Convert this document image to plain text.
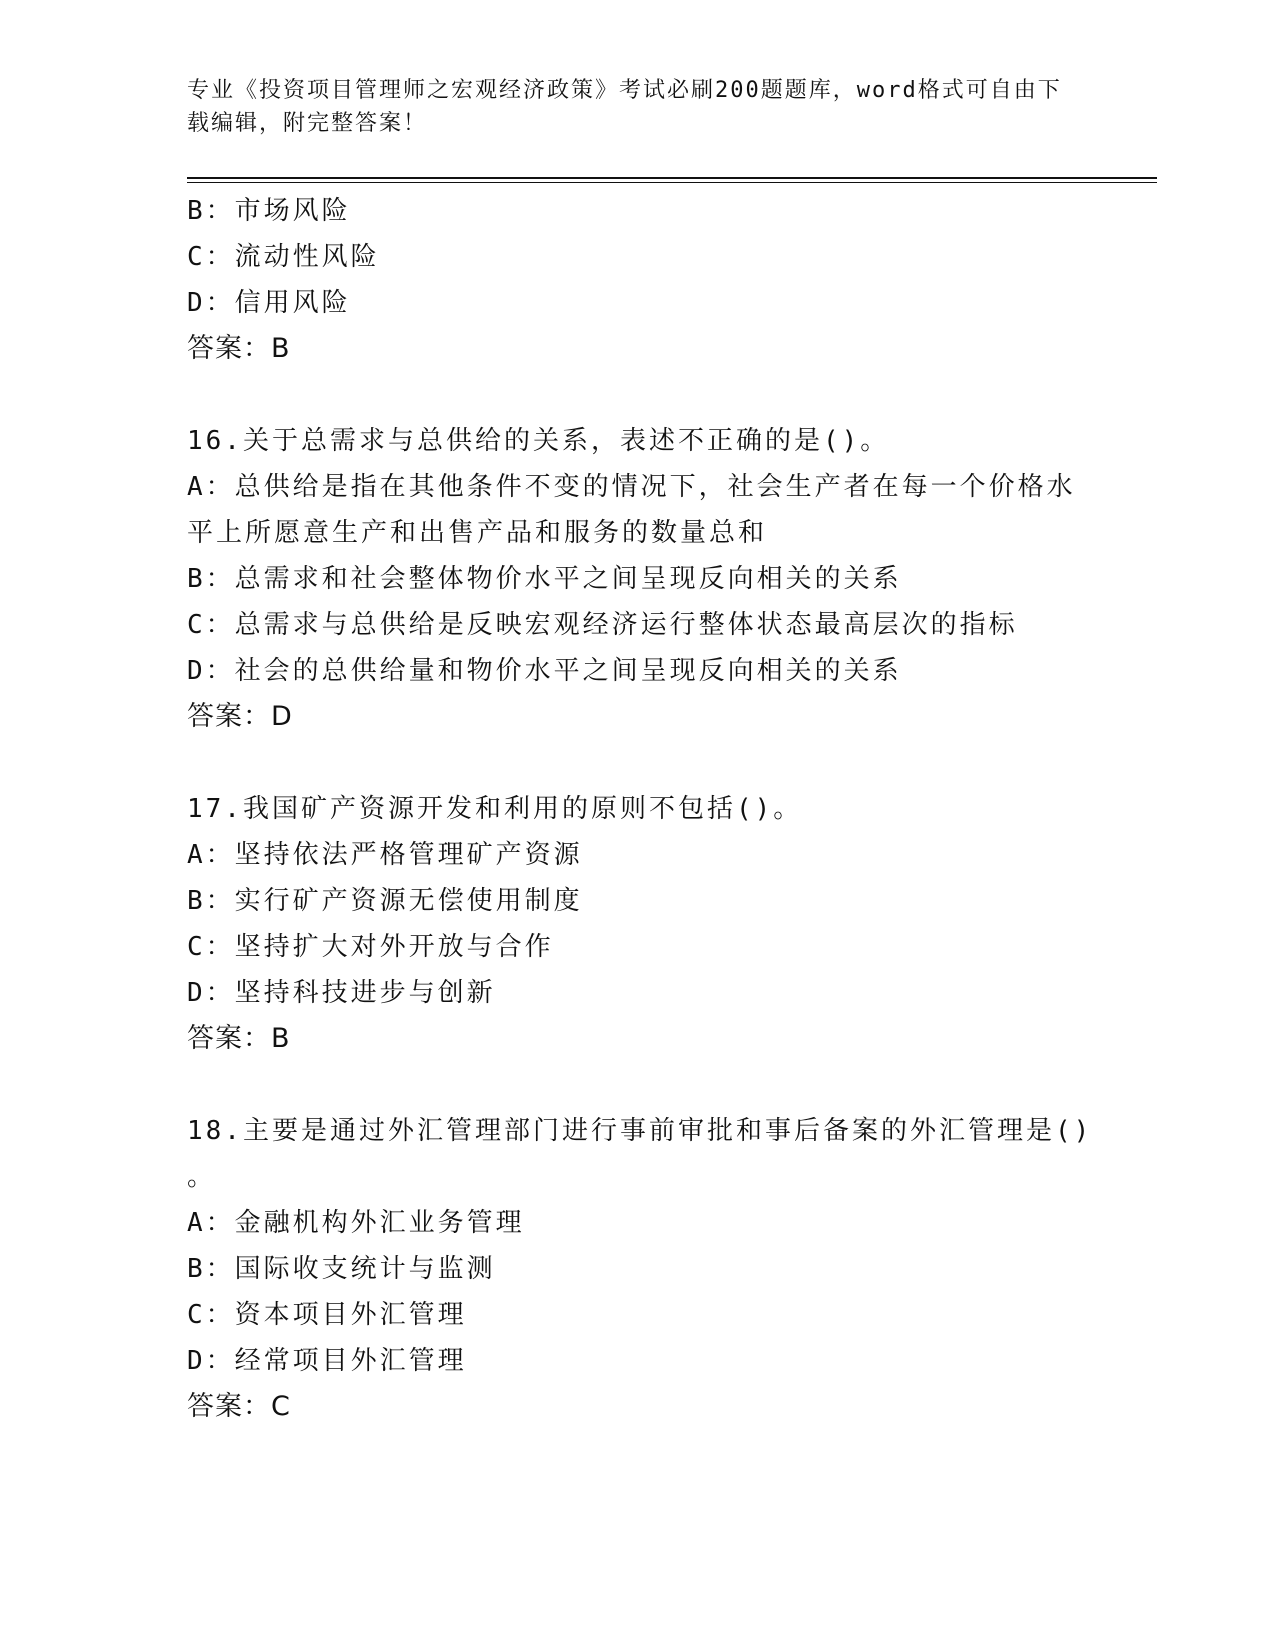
专业《投资项目管理师之宏观经济政策》考试必刷200题题库，word格式可自由下载编辑，附完整答案！
B：市场风险
C：流动性风险
D：信用风险
答案：B
16.关于总需求与总供给的关系，表述不正确的是()。
A：总供给是指在其他条件不变的情况下，社会生产者在每一个价格水
平上所愿意生产和出售产品和服务的数量总和
B：总需求和社会整体物价水平之间呈现反向相关的关系
C：总需求与总供给是反映宏观经济运行整体状态最高层次的指标
D：社会的总供给量和物价水平之间呈现反向相关的关系
答案：D
17.我国矿产资源开发和利用的原则不包括()。
A：坚持依法严格管理矿产资源
B：实行矿产资源无偿使用制度
C：坚持扩大对外开放与合作
D：坚持科技进步与创新
答案：B
18.主要是通过外汇管理部门进行事前审批和事后备案的外汇管理是()
。
A：金融机构外汇业务管理
B：国际收支统计与监测
C：资本项目外汇管理
D：经常项目外汇管理
答案：C
